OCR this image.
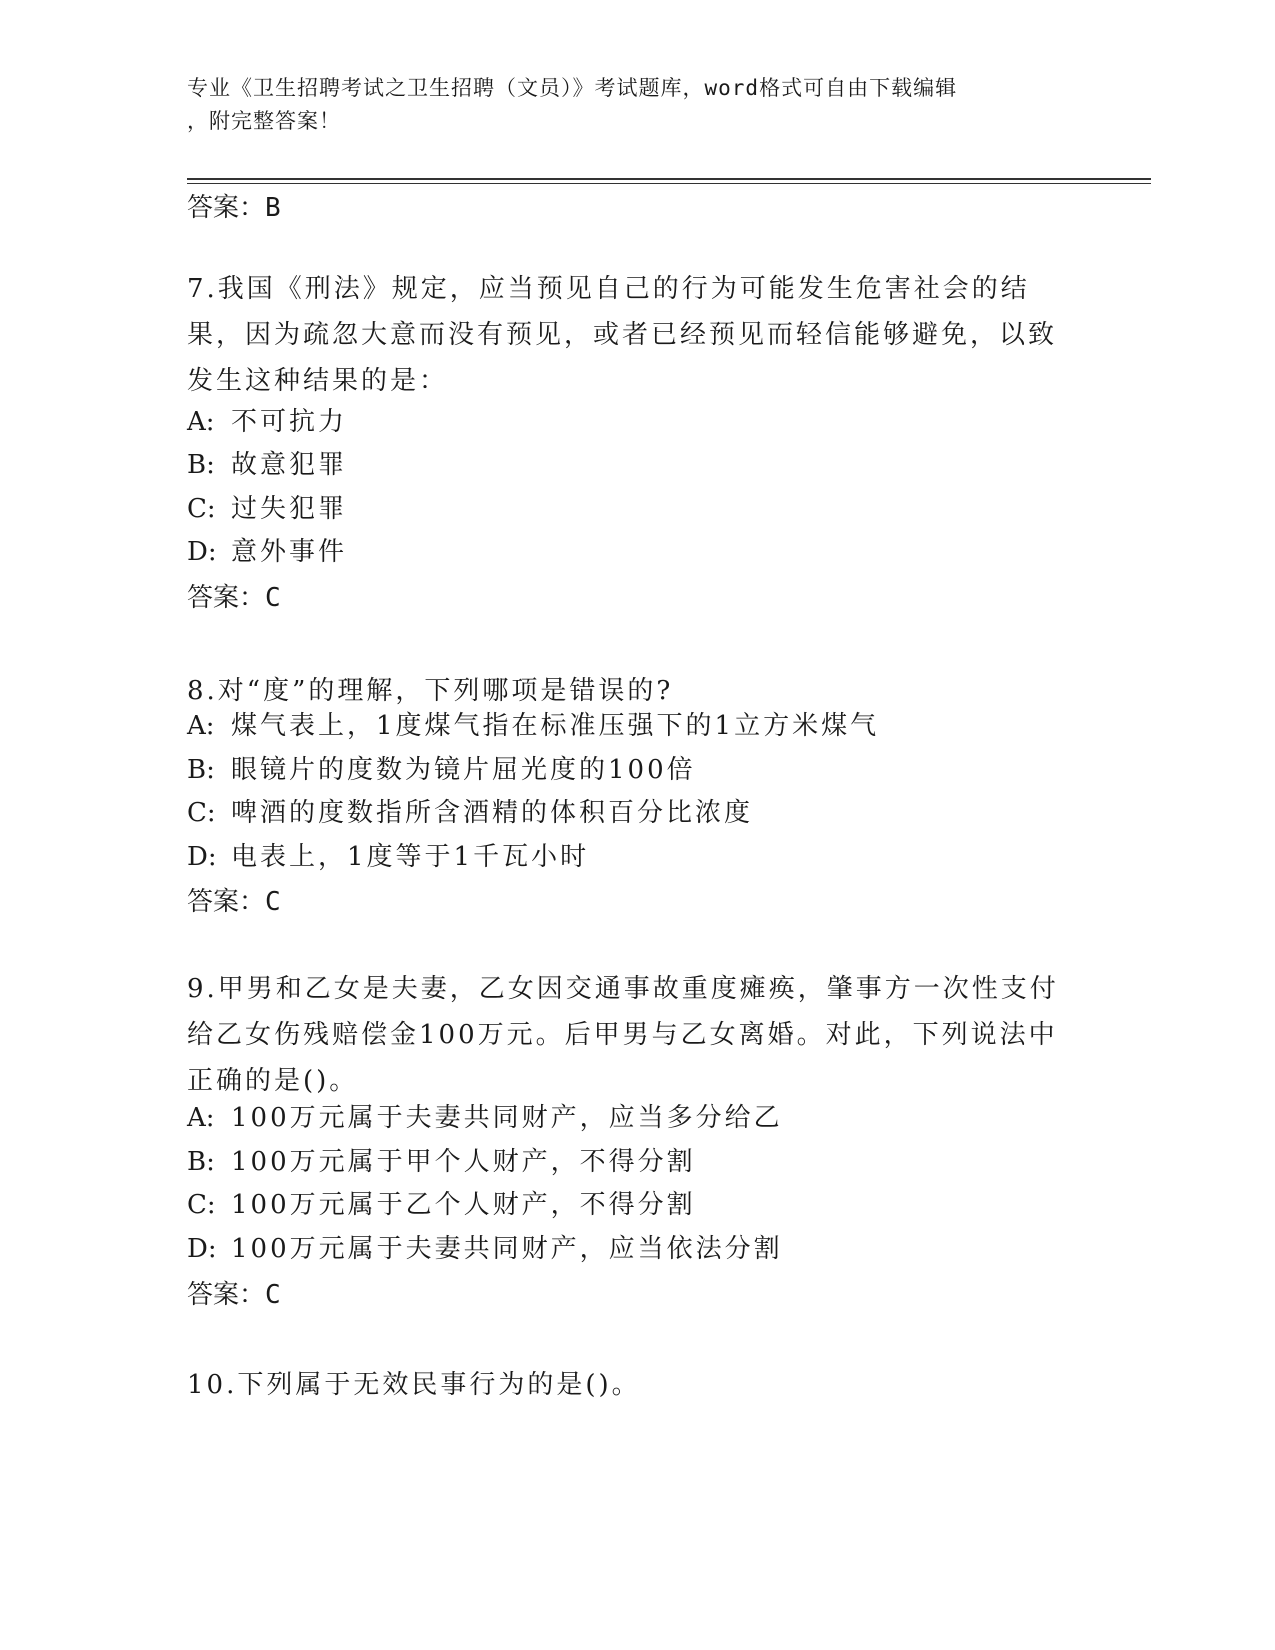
专业《卫生招聘考试之卫生招聘（文员）》考试题库，word格式可自由下载编辑
，附完整答案！
答案：B
7.我国《刑法》规定，应当预见自己的行为可能发生危害社会的结果，因为疏忽大意而没有预见，或者已经预见而轻信能够避免，以致发生这种结果的是：
A: 不可抗力
B: 故意犯罪
C: 过失犯罪
D: 意外事件
答案：C
8.对“度”的理解，下列哪项是错误的?
A: 煤气表上，1度煤气指在标准压强下的1立方米煤气
B: 眼镜片的度数为镜片屈光度的100倍
C: 啤酒的度数指所含酒精的体积百分比浓度
D: 电表上，1度等于1千瓦小时
答案：C
9.甲男和乙女是夫妻，乙女因交通事故重度瘫痪，肇事方一次性支付给乙女伤残赔偿金100万元。后甲男与乙女离婚。对此，下列说法中正确的是()。
A: 100万元属于夫妻共同财产，应当多分给乙
B: 100万元属于甲个人财产，不得分割
C: 100万元属于乙个人财产，不得分割
D: 100万元属于夫妻共同财产，应当依法分割
答案：C
10.下列属于无效民事行为的是()。
